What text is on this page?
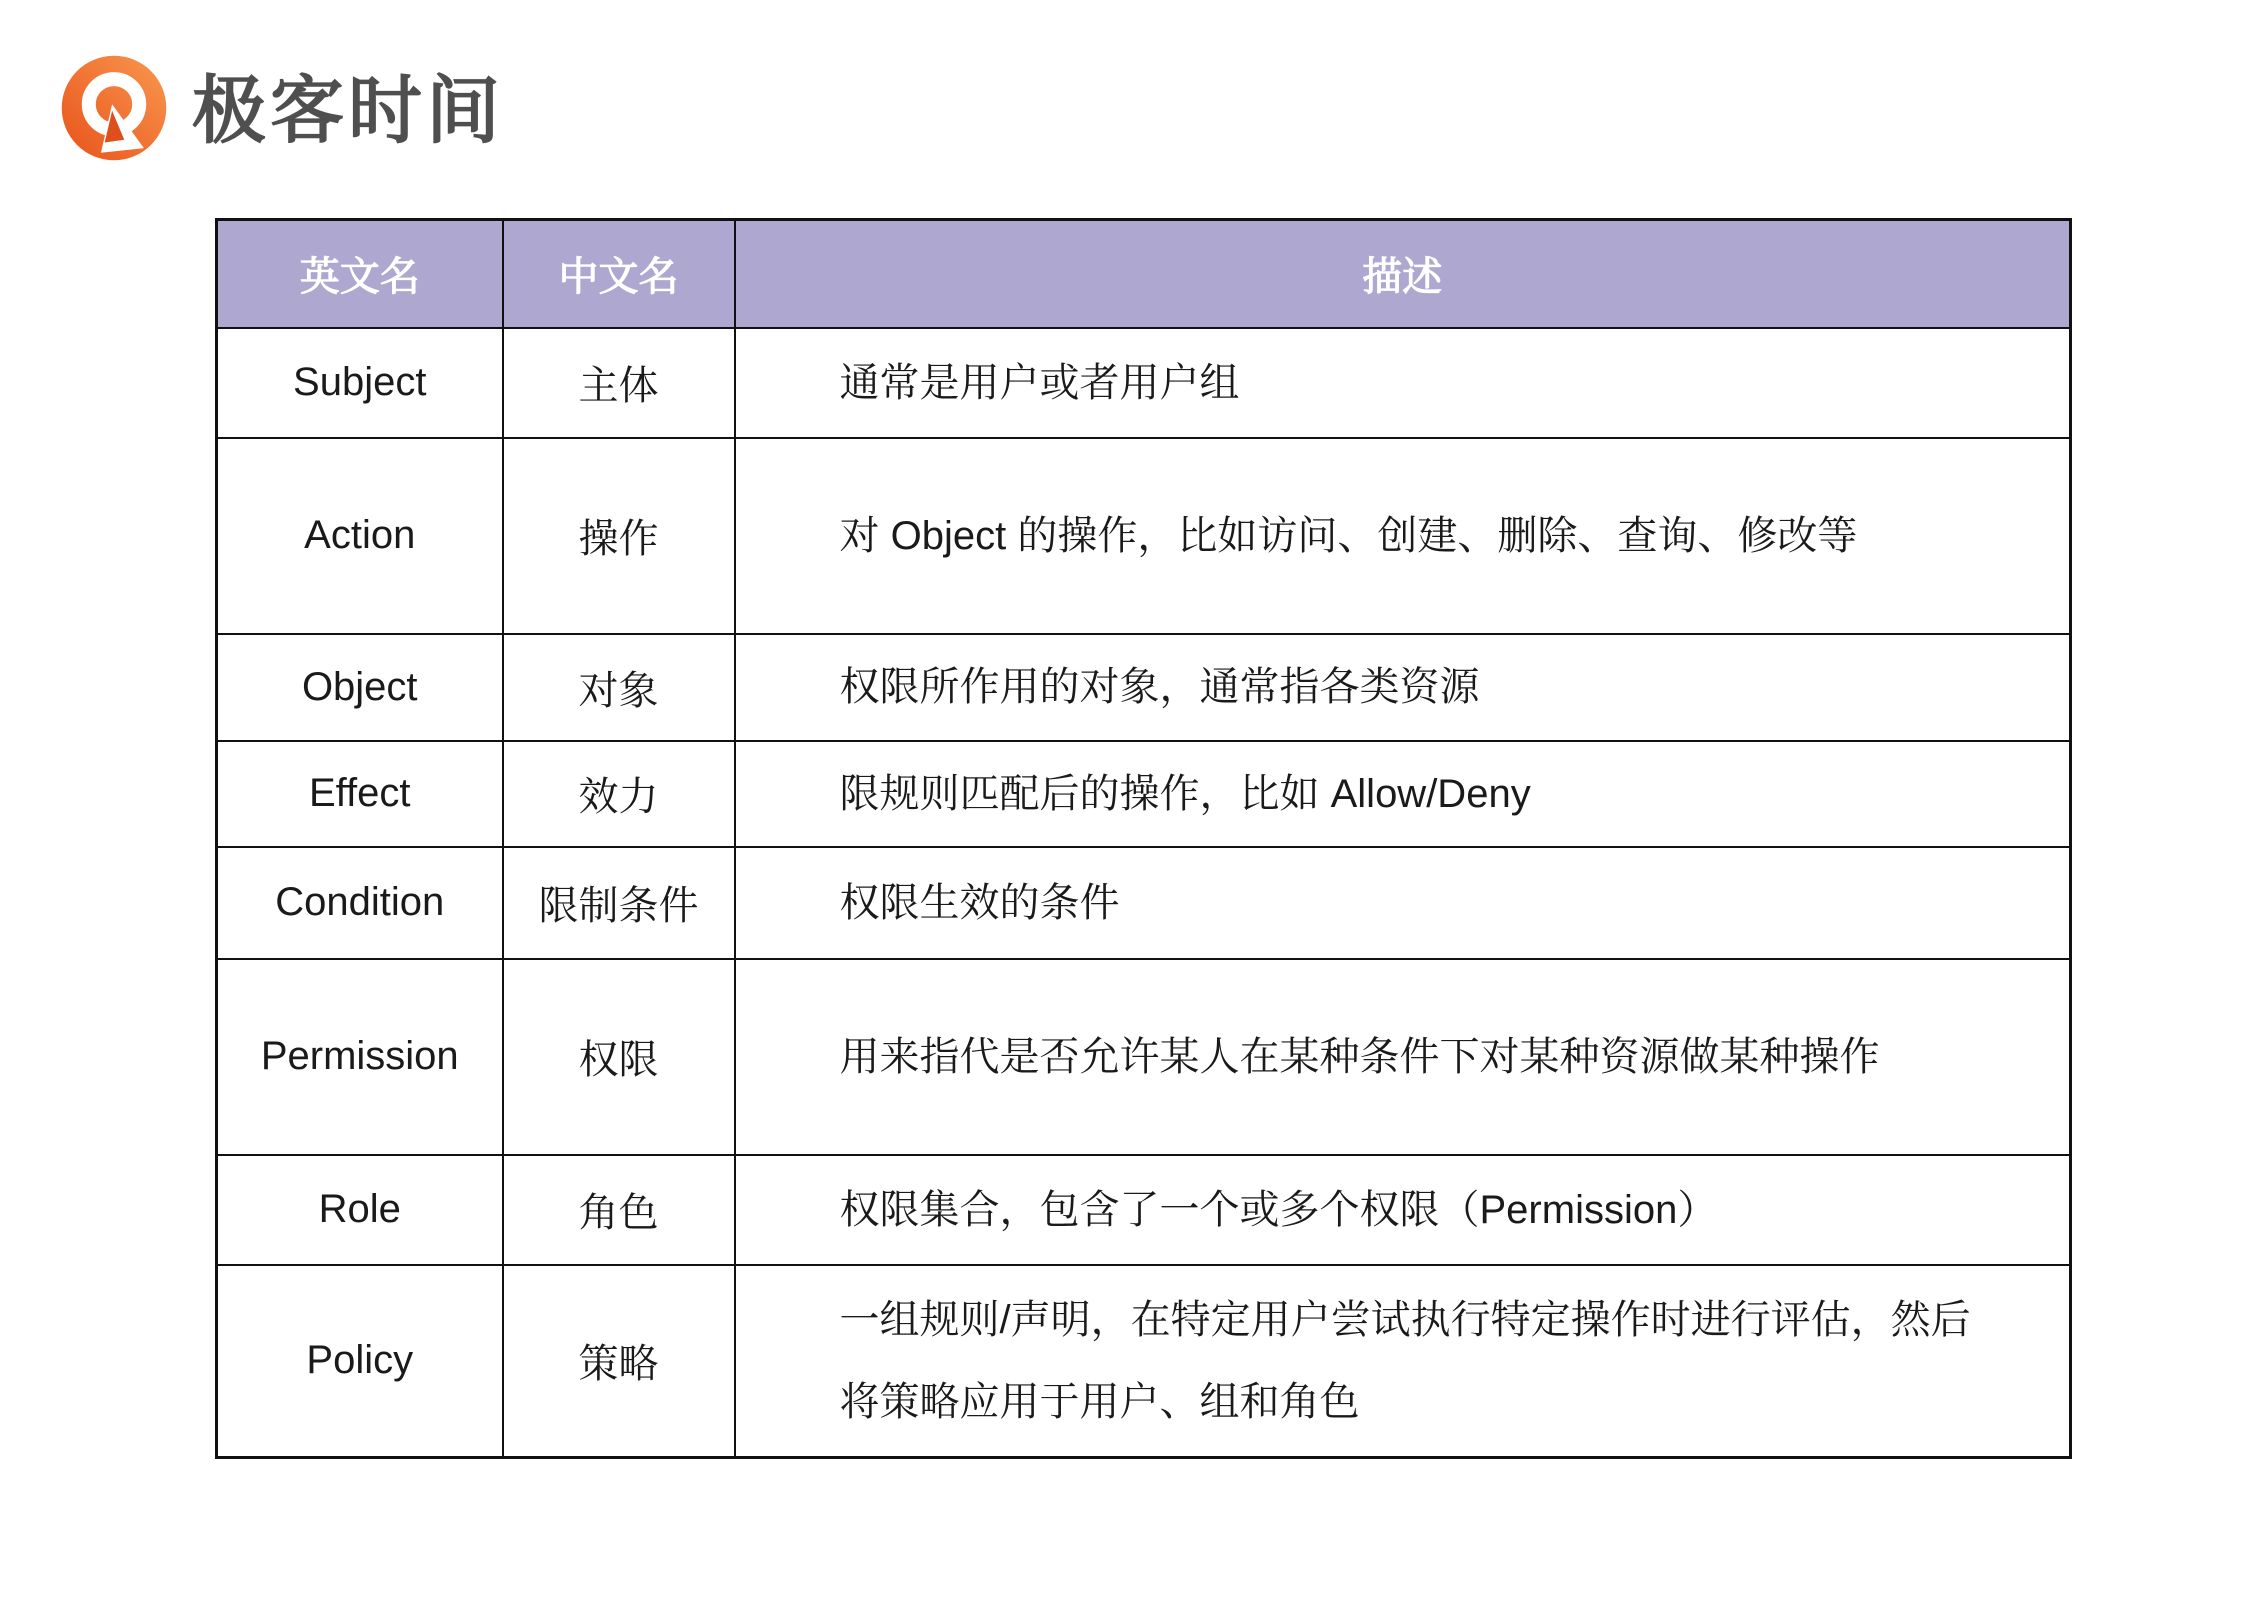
极客时间
英文名	中文名	描述
Subject	主体	通常是用户或者用户组
Action	操作	对 Object 的操作，比如访问、创建、删除、查询、修改等
Object	对象	权限所作用的对象，通常指各类资源
Effect	效力	限规则匹配后的操作，比如 Allow/Deny
Condition	限制条件	权限生效的条件
Permission	权限	用来指代是否允许某人在某种条件下对某种资源做某种操作
Role	角色	权限集合，包含了一个或多个权限（Permission）
Policy	策略	一组规则/声明，在特定用户尝试执行特定操作时进行评估，然后将策略应用于用户、组和角色
